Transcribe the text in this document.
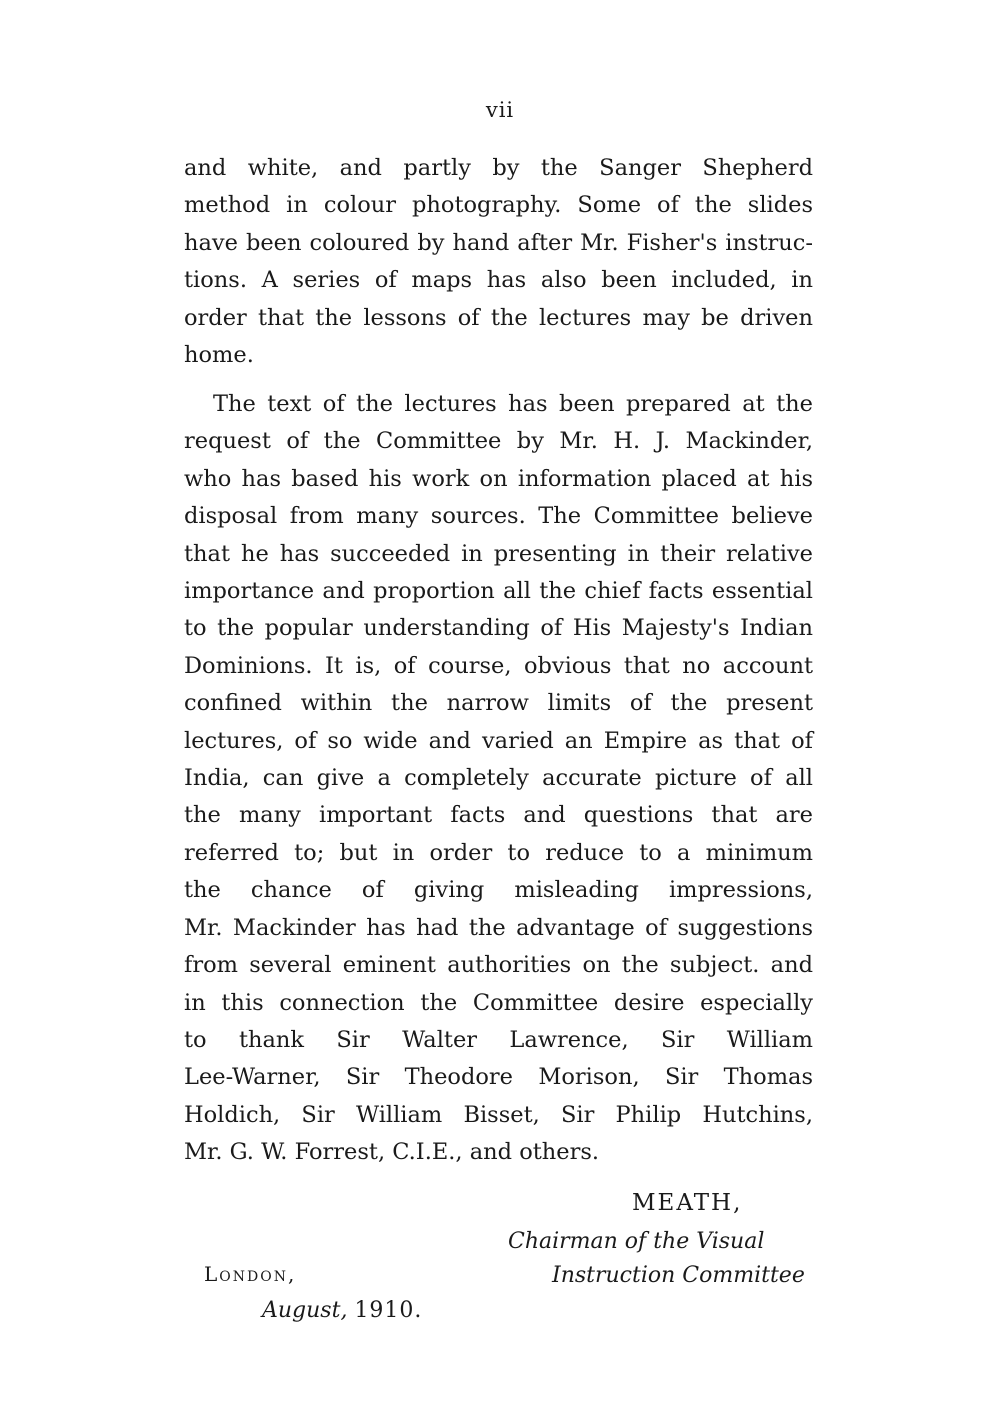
vii
and white, and partly by the Sanger Shepherd
method in colour photography. Some of the slides
have been coloured by hand after Mr. Fisher's instruc-
tions. A series of maps has also been included, in
order that the lessons of the lectures may be driven
home.
The text of the lectures has been prepared at the
request of the Committee by Mr. H. J. Mackinder,
who has based his work on information placed at his
disposal from many sources. The Committee believe
that he has succeeded in presenting in their relative
importance and proportion all the chief facts essential
to the popular understanding of His Majesty's Indian
Dominions. It is, of course, obvious that no account
confined within the narrow limits of the present
lectures, of so wide and varied an Empire as that of
India, can give a completely accurate picture of all
the many important facts and questions that are
referred to; but in order to reduce to a minimum
the chance of giving misleading impressions,
Mr. Mackinder has had the advantage of suggestions
from several eminent authorities on the subject. and
in this connection the Committee desire especially
to thank Sir Walter Lawrence, Sir William
Lee-Warner, Sir Theodore Morison, Sir Thomas
Holdich, Sir William Bisset, Sir Philip Hutchins,
Mr. G. W. Forrest, C.I.E., and others.
MEATH,
Chairman of the Visual
Instruction Committee
London,
August, 1910.
